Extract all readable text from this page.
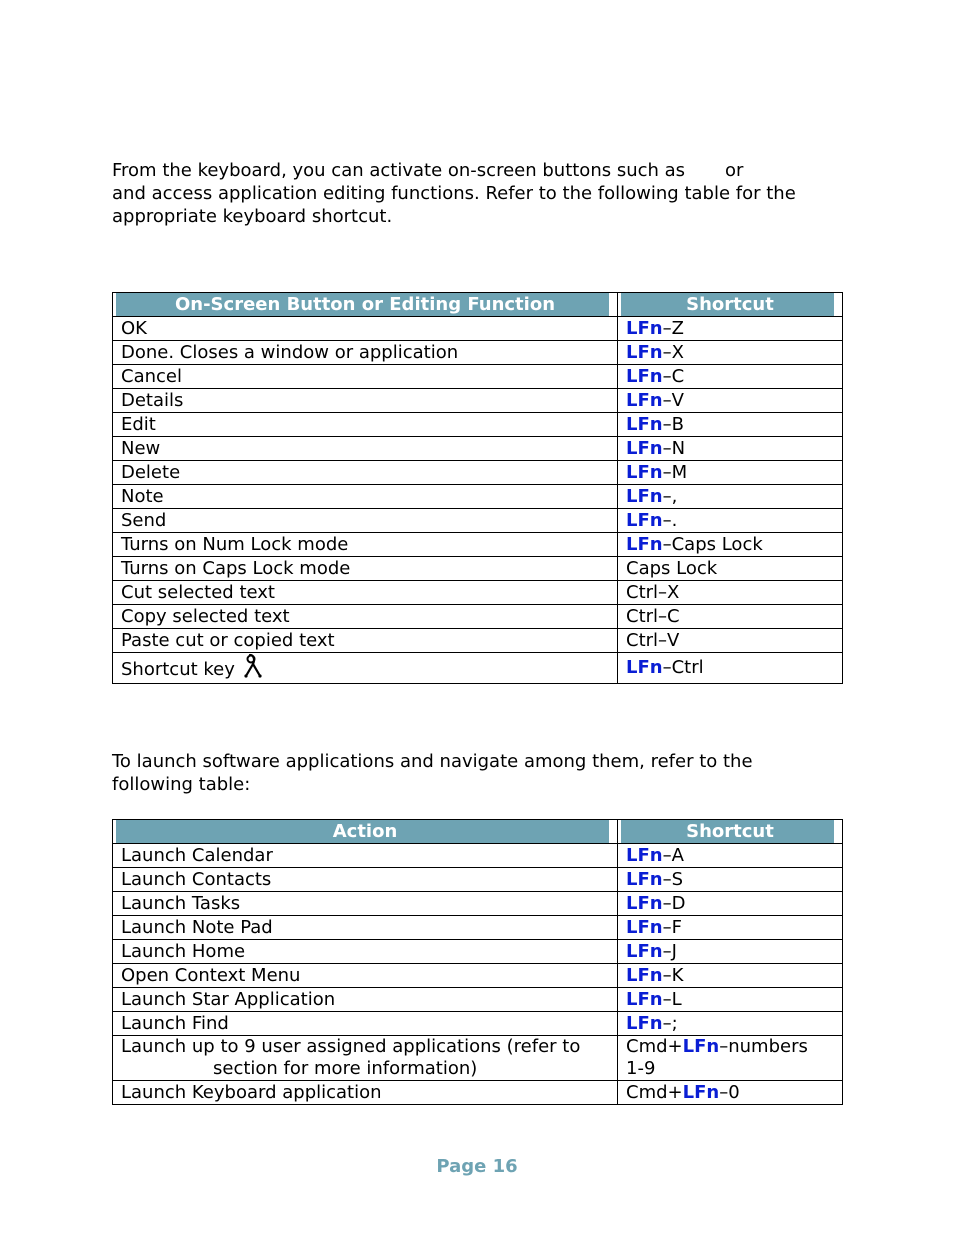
From the keyboard, you can activate on-screen buttons such as or
and access application editing functions. Refer to the following table for the
appropriate keyboard shortcut.

On-Screen Button or Editing Function	Shortcut
OK	LFn–Z
Done. Closes a window or application	LFn–X
Cancel	LFn–C
Details	LFn–V
Edit	LFn–B
New	LFn–N
Delete	LFn–M
Note	LFn–,
Send	LFn–.
Turns on Num Lock mode	LFn–Caps Lock
Turns on Caps Lock mode	Caps Lock
Cut selected text	Ctrl–X
Copy selected text	Ctrl–C
Paste cut or copied text	Ctrl–V
Shortcut key	LFn–Ctrl

To launch software applications and navigate among them, refer to the
following table:

Action	Shortcut
Launch Calendar	LFn–A
Launch Contacts	LFn–S
Launch Tasks	LFn–D
Launch Note Pad	LFn–F
Launch Home	LFn–J
Open Context Menu	LFn–K
Launch Star Application	LFn–L
Launch Find	LFn–;
Launch up to 9 user assigned applications (refer to
section for more information)	Cmd+LFn–numbers
1-9
Launch Keyboard application	Cmd+LFn–0
Page 16
